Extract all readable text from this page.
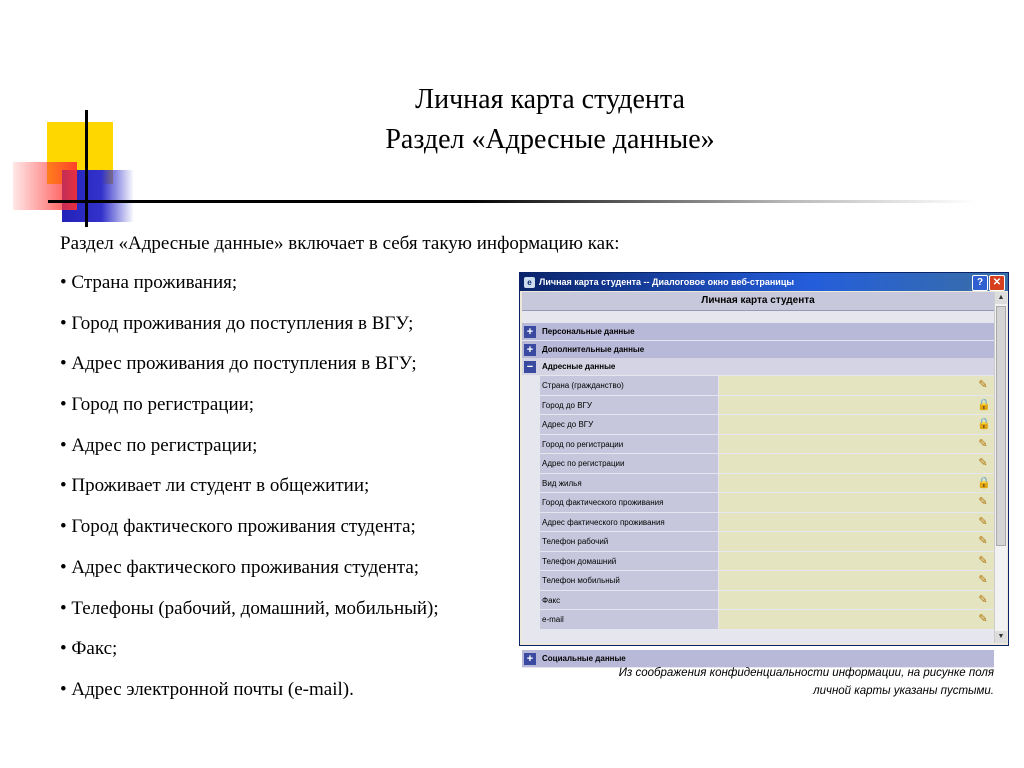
Личная карта студента
Раздел «Адресные данные»
Раздел «Адресные данные» включает в себя такую информацию как:
• Страна проживания;
• Город проживания до поступления в ВГУ;
• Адрес проживания до поступления в ВГУ;
• Город по регистрации;
• Адрес по регистрации;
• Проживает ли студент в общежитии;
• Город фактического проживания студента;
• Адрес фактического проживания студента;
• Телефоны (рабочий, домашний, мобильный);
• Факс;
• Адрес электронной почты (e-mail).
e Личная карта студента -- Диалоговое окно веб-страницы	? ✕
Личная карта студента
+	Персональные данные
+	Дополнительные данные
−	Адресные данные
Страна (гражданство)	✎
Город до ВГУ	🔒
Адрес до ВГУ	🔒
Город по регистрации	✎
Адрес по регистрации	✎
Вид жилья	🔒
Город фактического проживания	✎
Адрес фактического проживания	✎
Телефон рабочий	✎
Телефон домашний	✎
Телефон мобильный	✎
Факс	✎
e-mail	✎
+	Социальные данные
▲
▼
Из соображения конфиденциальности информации, на рисунке поля
личной карты указаны пустыми.
